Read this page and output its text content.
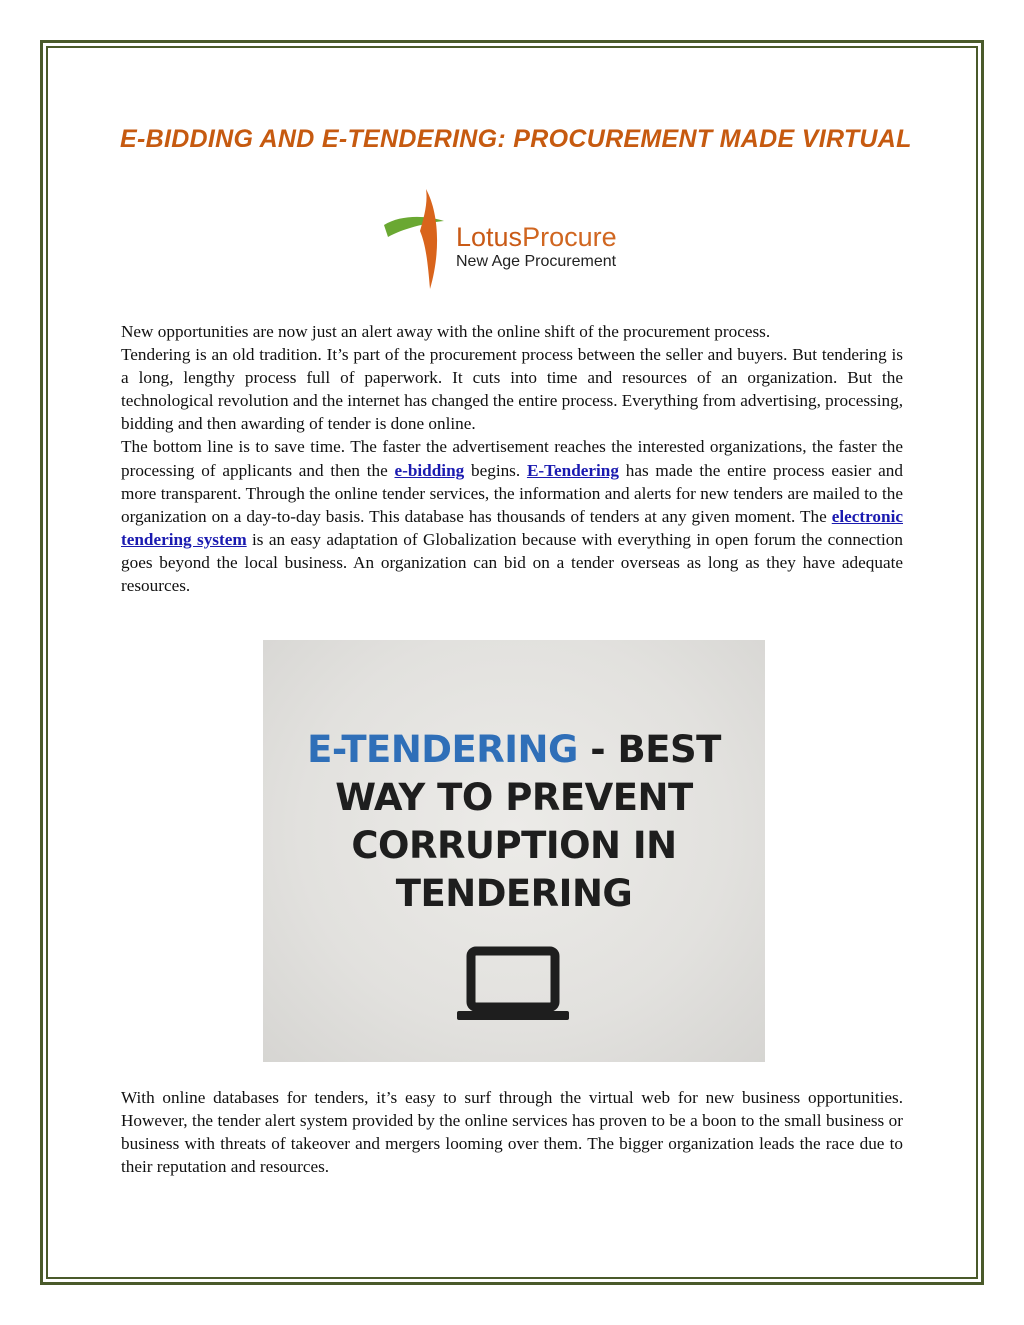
E-BIDDING AND E-TENDERING: PROCUREMENT MADE VIRTUAL
LotusProcure
New Age Procurement

New opportunities are now just an alert away with the online shift of the procurement process.

Tendering is an old tradition. It’s part of the procurement process between the seller and buyers. But tendering is a long, lengthy process full of paperwork. It cuts into time and resources of an organization. But the technological revolution and the internet has changed the entire process. Everything from advertising, processing, bidding and then awarding of tender is done online.

The bottom line is to save time. The faster the advertisement reaches the interested organizations, the faster the processing of applicants and then the e-bidding begins. E-Tendering has made the entire process easier and more transparent. Through the online tender services, the information and alerts for new tenders are mailed to the organization on a day-to-day basis. This database has thousands of tenders at any given moment. The electronic tendering system is an easy adaptation of Globalization because with everything in open forum the connection goes beyond the local business. An organization can bid on a tender overseas as long as they have adequate resources.

E-TENDERING - BEST
WAY TO PREVENT
CORRUPTION IN
TENDERING

With online databases for tenders, it’s easy to surf through the virtual web for new business opportunities. However, the tender alert system provided by the online services has proven to be a boon to the small business or business with threats of takeover and mergers looming over them. The bigger organization leads the race due to their reputation and resources.
